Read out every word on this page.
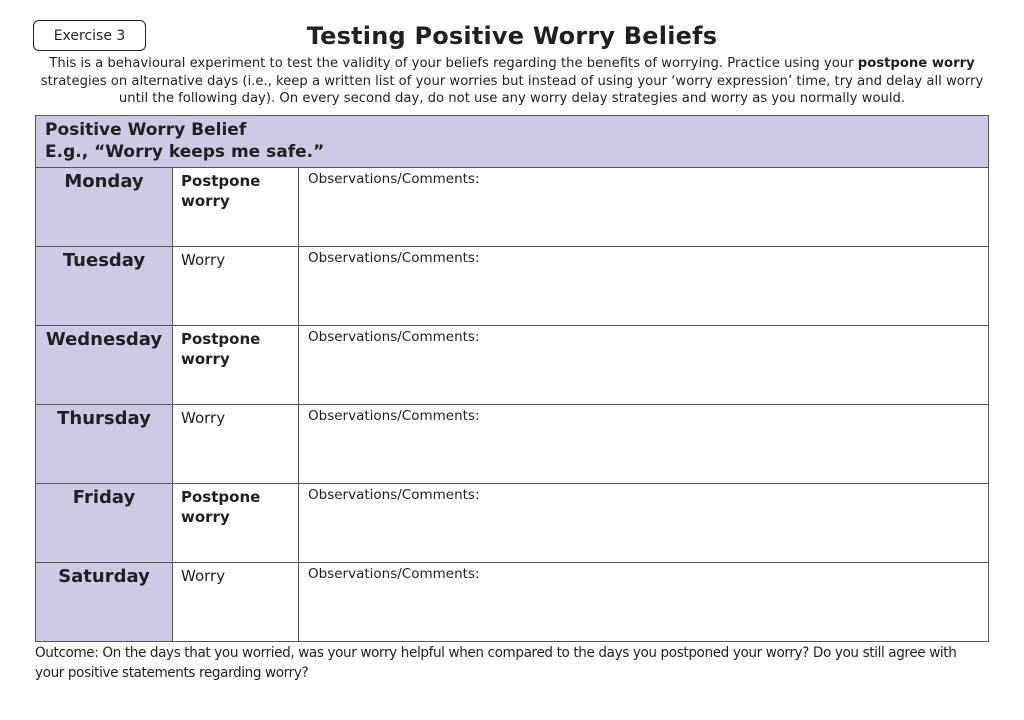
Exercise 3	Testing Positive Worry Beliefs
This is a behavioural experiment to test the validity of your beliefs regarding the benefits of worrying. Practice using your postpone worry strategies on alternative days (i.e., keep a written list of your worries but instead of using your ‘worry expression’ time, try and delay all worry until the following day). On every second day, do not use any worry delay strategies and worry as you normally would.
Positive Worry Belief
E.g., “Worry keeps me safe.”		

Monday	Postpone worry	Observations/Comments:
Tuesday	Worry	Observations/Comments:
Wednesday	Postpone worry	Observations/Comments:
Thursday	Worry	Observations/Comments:
Friday	Postpone worry	Observations/Comments:
Saturday	Worry	Observations/Comments:
Outcome: On the days that you worried, was your worry helpful when compared to the days you postponed your worry? Do you still agree with your positive statements regarding worry?
